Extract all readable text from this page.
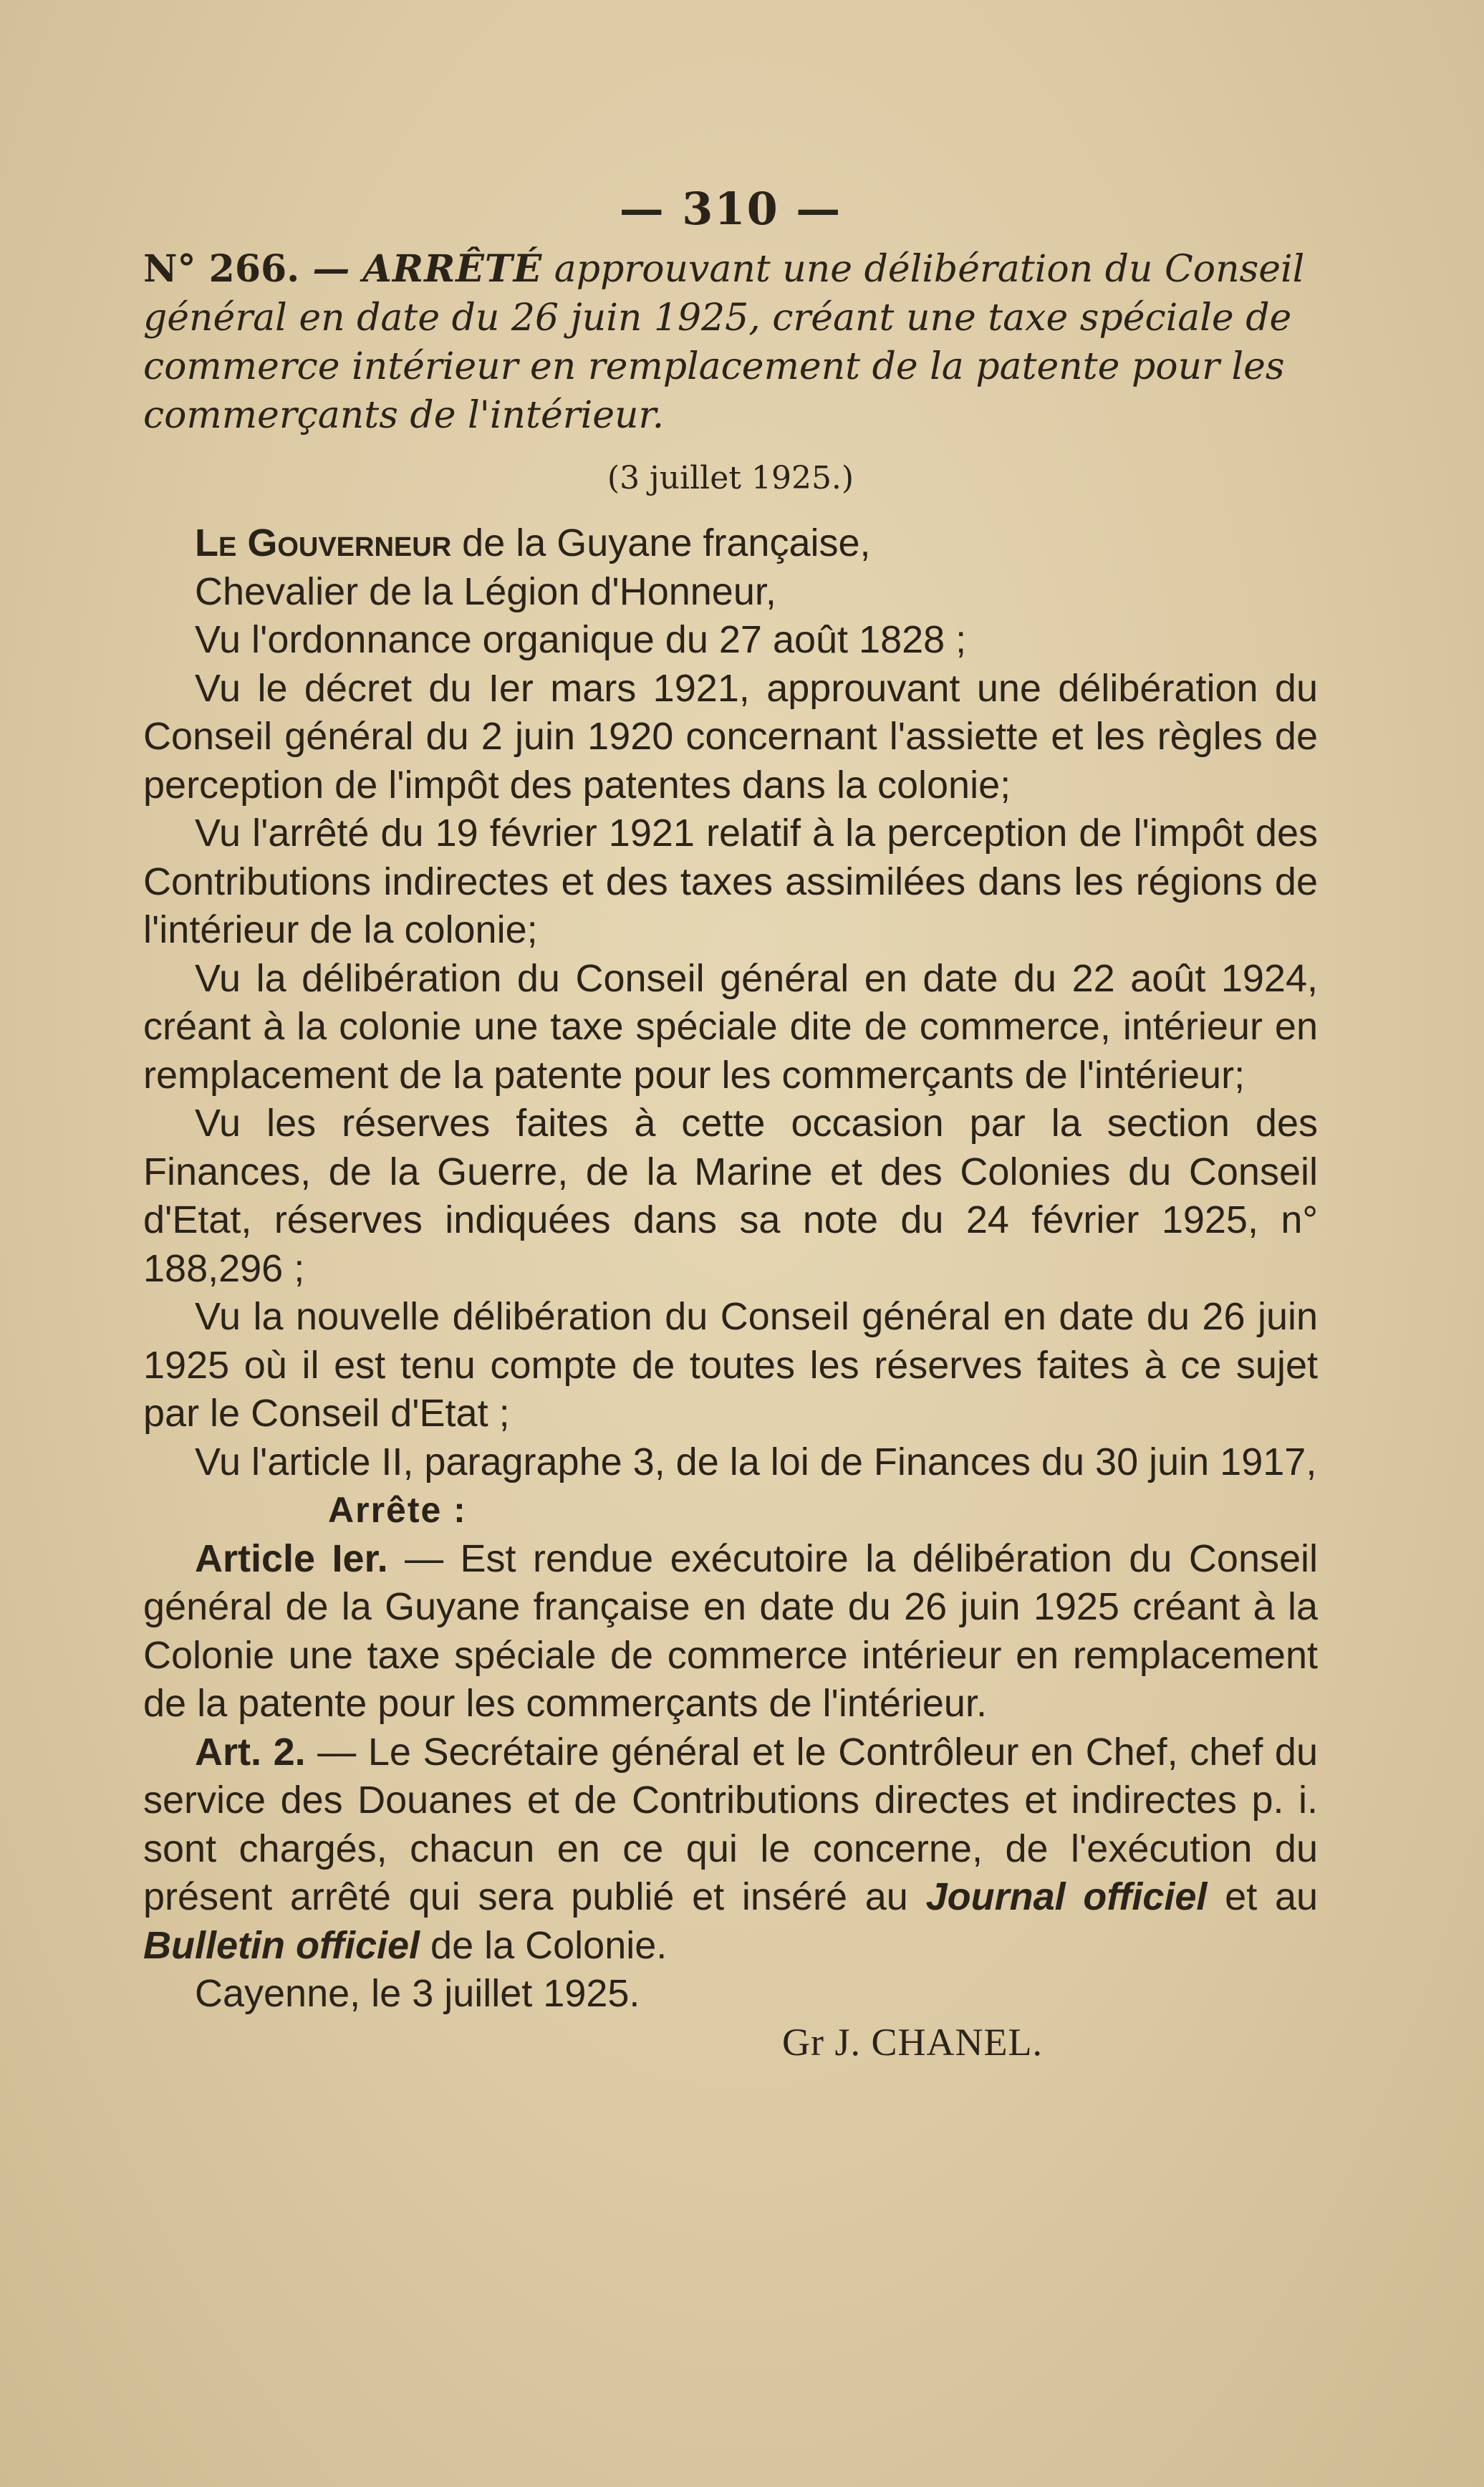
— 310 —

N° 266. — ARRÊTÉ approuvant une délibération du Conseil général en date du 26 juin 1925, créant une taxe spéciale de commerce intérieur en remplacement de la patente pour les commerçants de l'intérieur.

(3 juillet 1925.)

Le Gouverneur de la Guyane française,

Chevalier de la Légion d'Honneur,

Vu l'ordonnance organique du 27 août 1828 ;

Vu le décret du Ier mars 1921, approuvant une délibération du Conseil général du 2 juin 1920 concernant l'assiette et les règles de perception de l'impôt des patentes dans la colonie;

Vu l'arrêté du 19 février 1921 relatif à la perception de l'impôt des Contributions indirectes et des taxes assimilées dans les régions de l'intérieur de la colonie;

Vu la délibération du Conseil général en date du 22 août 1924, créant à la colonie une taxe spéciale dite de commerce, intérieur en remplacement de la patente pour les commerçants de l'intérieur;

Vu les réserves faites à cette occasion par la section des Finances, de la Guerre, de la Marine et des Colonies du Conseil d'Etat, réserves indiquées dans sa note du 24 février 1925, n° 188,296 ;

Vu la nouvelle délibération du Conseil général en date du 26 juin 1925 où il est tenu compte de toutes les réserves faites à ce sujet par le Conseil d'Etat ;

Vu l'article II, paragraphe 3, de la loi de Finances du 30 juin 1917,

Arrête :

Article Ier. — Est rendue exécutoire la délibération du Conseil général de la Guyane française en date du 26 juin 1925 créant à la Colonie une taxe spéciale de commerce intérieur en remplacement de la patente pour les commerçants de l'intérieur.

Art. 2. — Le Secrétaire général et le Contrôleur en Chef, chef du service des Douanes et de Contributions directes et indirectes p. i. sont chargés, chacun en ce qui le concerne, de l'exécution du présent arrêté qui sera publié et inséré au Journal officiel et au Bulletin officiel de la Colonie.

Cayenne, le 3 juillet 1925.

Gr J. CHANEL.
